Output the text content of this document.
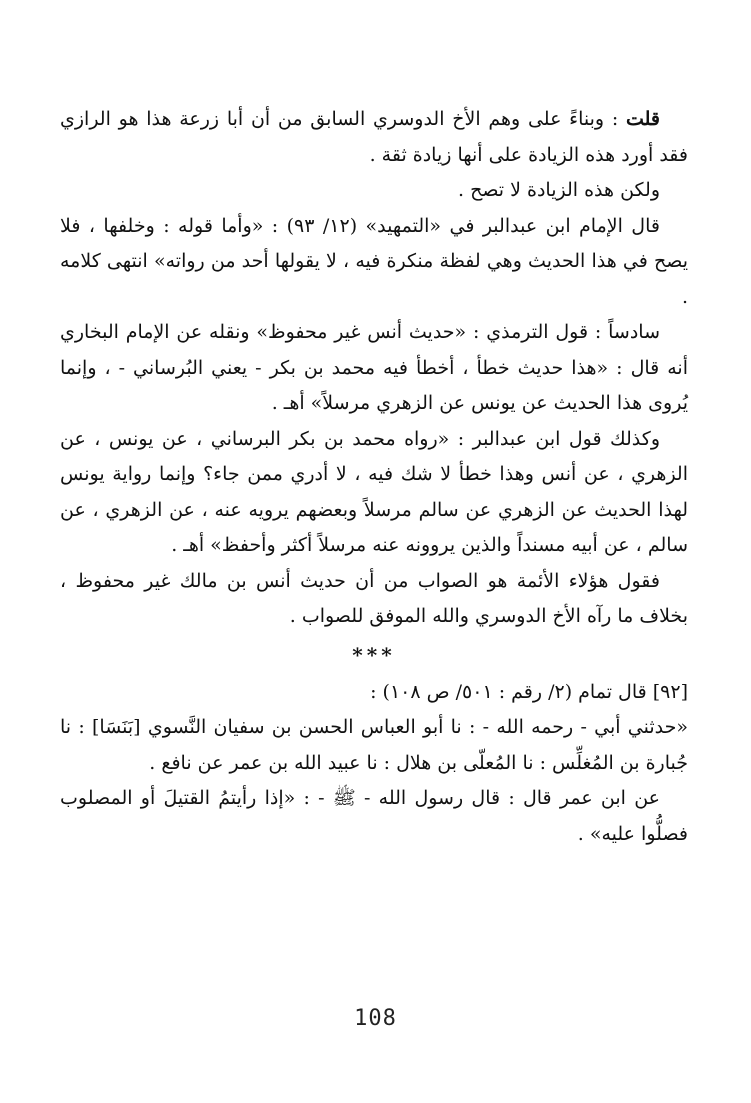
قلت : وبناءً على وهم الأخ الدوسري السابق من أن أبا زرعة هذا هو الرازي فقد أورد هذه الزيادة على أنها زيادة ثقة .

ولكن هذه الزيادة لا تصح .

قال الإمام ابن عبدالبر في «التمهيد» (١٢/ ٩٣) : «وأما قوله : وخلفها ، فلا يصح في هذا الحديث وهي لفظة منكرة فيه ، لا يقولها أحد من رواته» انتهى كلامه .

سادساً : قول الترمذي : «حديث أنس غير محفوظ» ونقله عن الإمام البخاري أنه قال : «هذا حديث خطأ ، أخطأ فيه محمد بن بكر - يعني البُرساني - ، وإنما يُروى هذا الحديث عن يونس عن الزهري مرسلاً» أهـ .

وكذلك قول ابن عبدالبر : «رواه محمد بن بكر البرساني ، عن يونس ، عن الزهري ، عن أنس وهذا خطأ لا شك فيه ، لا أدري ممن جاء؟ وإنما رواية يونس لهذا الحديث عن الزهري عن سالم مرسلاً وبعضهم يرويه عنه ، عن الزهري ، عن سالم ، عن أبيه مسنداً والذين يروونه عنه مرسلاً أكثر وأحفظ» أهـ .

فقول هؤلاء الأئمة هو الصواب من أن حديث أنس بن مالك غير محفوظ ، بخلاف ما رآه الأخ الدوسري والله الموفق للصواب .

***

[٩٢] قال تمام (٢/ رقم : ٥٠١/ ص ١٠٨) :

«حدثني أبي - رحمه الله - : نا أبو العباس الحسن بن سفيان النَّسوي [بَنَسَا] : نا جُبارة بن المُغلِّس : نا المُعلّى بن هلال : نا عبيد الله بن عمر عن نافع .

عن ابن عمر قال : قال رسول الله - ﷺ - : «إذا رأيتمُ القتيلَ أو المصلوب فصلُّوا عليه» .

108
